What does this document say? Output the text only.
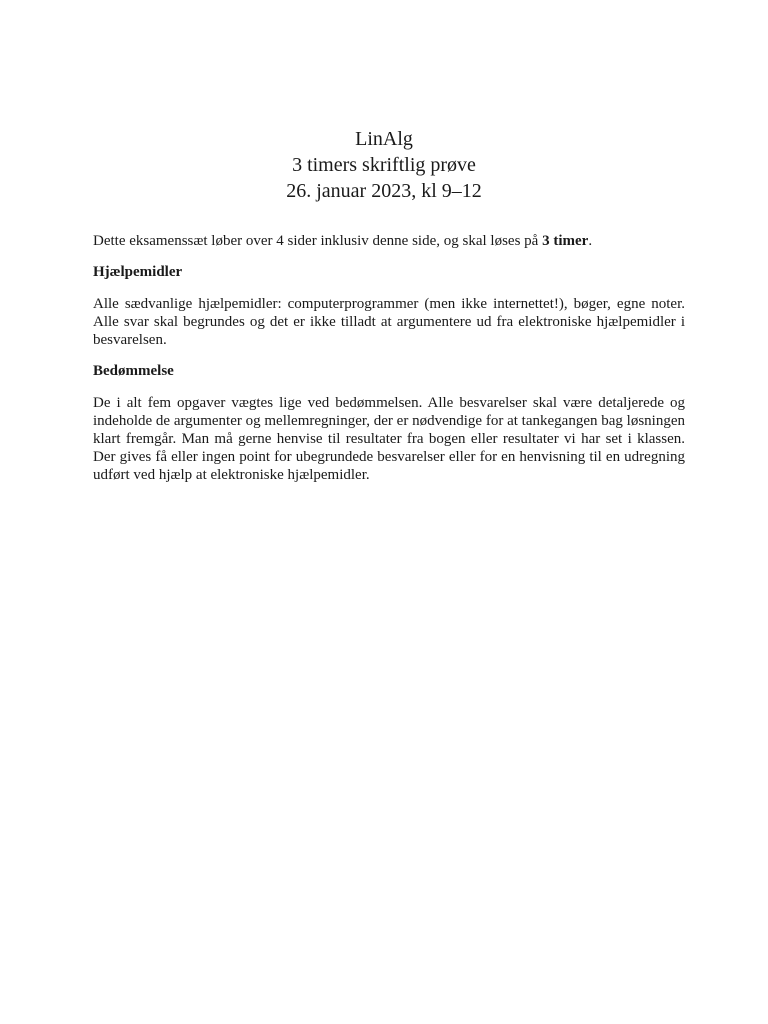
LinAlg
3 timers skriftlig prøve
26. januar 2023, kl 9–12

Dette eksamenssæt løber over 4 sider inklusiv denne side, og skal løses på 3 timer.

Hjælpemidler

Alle sædvanlige hjælpemidler: computerprogrammer (men ikke internettet!), bøger, egne noter. Alle svar skal begrundes og det er ikke tilladt at argumentere ud fra elektroniske hjælpemidler i besvarelsen.

Bedømmelse

De i alt fem opgaver vægtes lige ved bedømmelsen. Alle besvarelser skal være detaljerede og indeholde de argumenter og mellemregninger, der er nødvendige for at tankegangen bag løsningen klart fremgår. Man må gerne henvise til resultater fra bogen eller resultater vi har set i klassen. Der gives få eller ingen point for ubegrundede besvarelser eller for en henvisning til en udregning udført ved hjælp at elektroniske hjælpemidler.
